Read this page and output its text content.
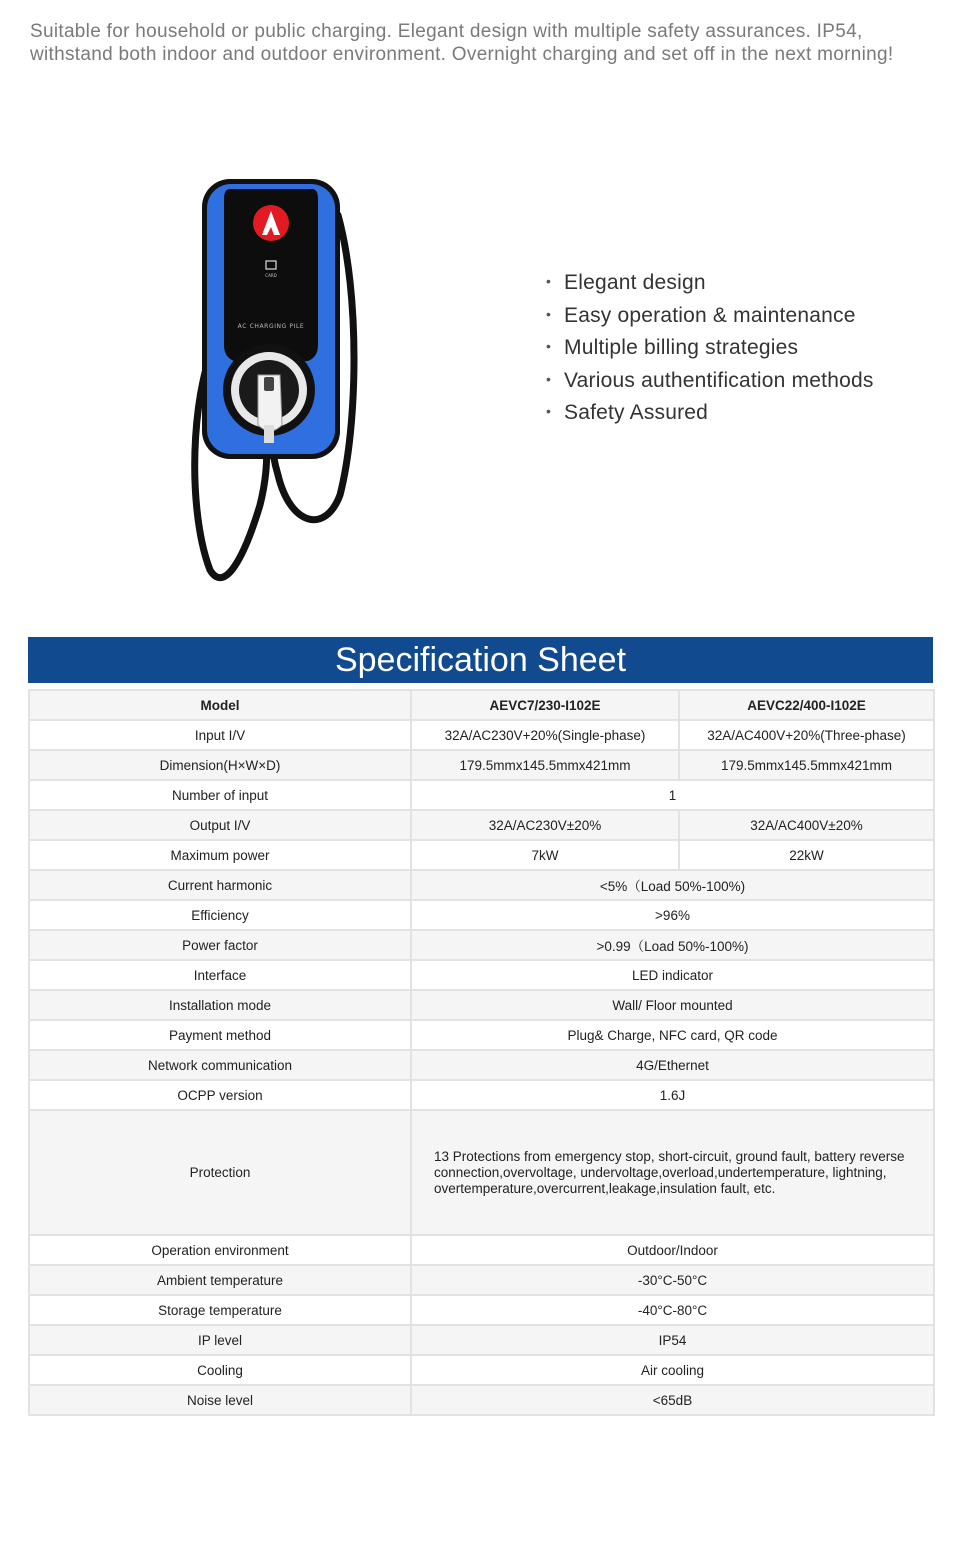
Suitable for household or public charging. Elegant design with multiple safety assurances. IP54, withstand both indoor and outdoor environment. Overnight charging and set off in the next morning!

CARD
AC CHARGING PILE
• Elegant design
• Easy operation & maintenance
• Multiple billing strategies
• Various authentification methods
• Safety Assured
Specification Sheet
Model	AEVC7/230-I102E	AEVC22/400-I102E
Input I/V	32A/AC230V+20%(Single-phase)	32A/AC400V+20%(Three-phase)
Dimension(H×W×D)	179.5mmx145.5mmx421mm	179.5mmx145.5mmx421mm
Number of input	1	
Output I/V	32A/AC230V±20%	32A/AC400V±20%
Maximum power	7kW	22kW
Current harmonic	<5%（Load 50%-100%)	
Efficiency	>96%	
Power factor	>0.99（Load 50%-100%)	
Interface	LED indicator	
Installation mode	Wall/ Floor mounted	
Payment method	Plug& Charge, NFC card, QR code	
Network communication	4G/Ethernet	
OCPP version	1.6J	
Protection	13 Protections from emergency stop, short-circuit, ground fault, battery reverse connection,overvoltage, undervoltage,overload,undertemperature, lightning, overtemperature,overcurrent,leakage,insulation fault, etc.	
Operation environment	Outdoor/Indoor	
Ambient temperature	-30°C-50°C	
Storage temperature	-40°C-80°C	
IP level	IP54	
Cooling	Air cooling	
Noise level	<65dB	
